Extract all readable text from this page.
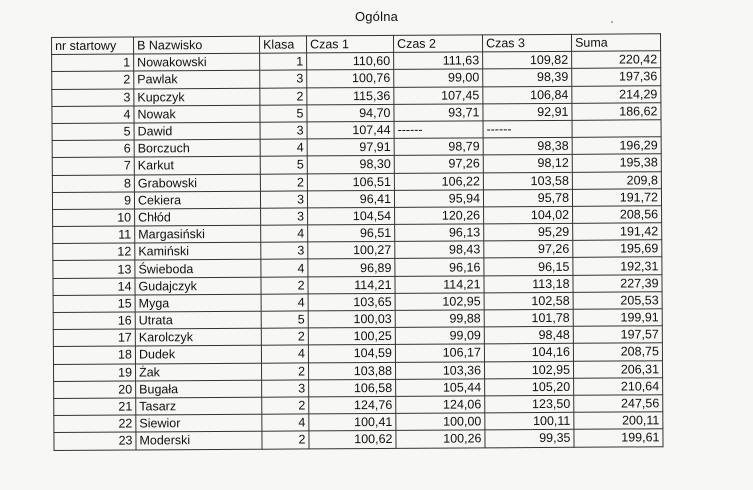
Ogólna
nr startowy	B Nazwisko	Klasa	Czas 1	Czas 2	Czas 3	Suma
1	Nowakowski	1	110,60	111,63	109,82	220,42
2	Pawlak	3	100,76	99,00	98,39	197,36
3	Kupczyk	2	115,36	107,45	106,84	214,29
4	Nowak	5	94,70	93,71	92,91	186,62
5	Dawid	3	107,44	------	------	
6	Borczuch	4	97,91	98,79	98,38	196,29
7	Karkut	5	98,30	97,26	98,12	195,38
8	Grabowski	2	106,51	106,22	103,58	209,8
9	Cekiera	3	96,41	95,94	95,78	191,72
10	Chłód	3	104,54	120,26	104,02	208,56
11	Margasiński	4	96,51	96,13	95,29	191,42
12	Kamiński	3	100,27	98,43	97,26	195,69
13	Świeboda	4	96,89	96,16	96,15	192,31
14	Gudajczyk	2	114,21	114,21	113,18	227,39
15	Myga	4	103,65	102,95	102,58	205,53
16	Utrata	5	100,03	99,88	101,78	199,91
17	Karolczyk	2	100,25	99,09	98,48	197,57
18	Dudek	4	104,59	106,17	104,16	208,75
19	Żak	2	103,88	103,36	102,95	206,31
20	Bugała	3	106,58	105,44	105,20	210,64
21	Tasarz	2	124,76	124,06	123,50	247,56
22	Siewior	4	100,41	100,00	100,11	200,11
23	Moderski	2	100,62	100,26	99,35	199,61
